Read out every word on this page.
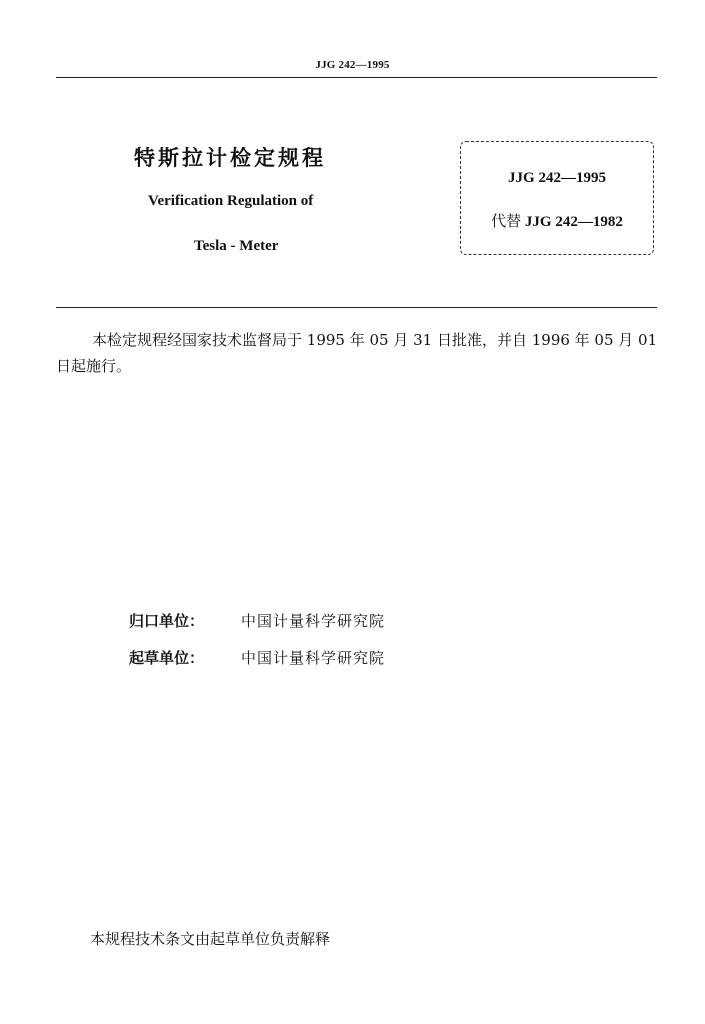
JJG 242—1995
特斯拉计检定规程
Verification Regulation of
Tesla - Meter
JJG 242—1995
代替 JJG 242—1982
本检定规程经国家技术监督局于 1995 年 05 月 31 日批准，并自 1996 年 05 月 01 日起施行。
归口单位：	中国计量科学研究院
起草单位：	中国计量科学研究院
本规程技术条文由起草单位负责解释
